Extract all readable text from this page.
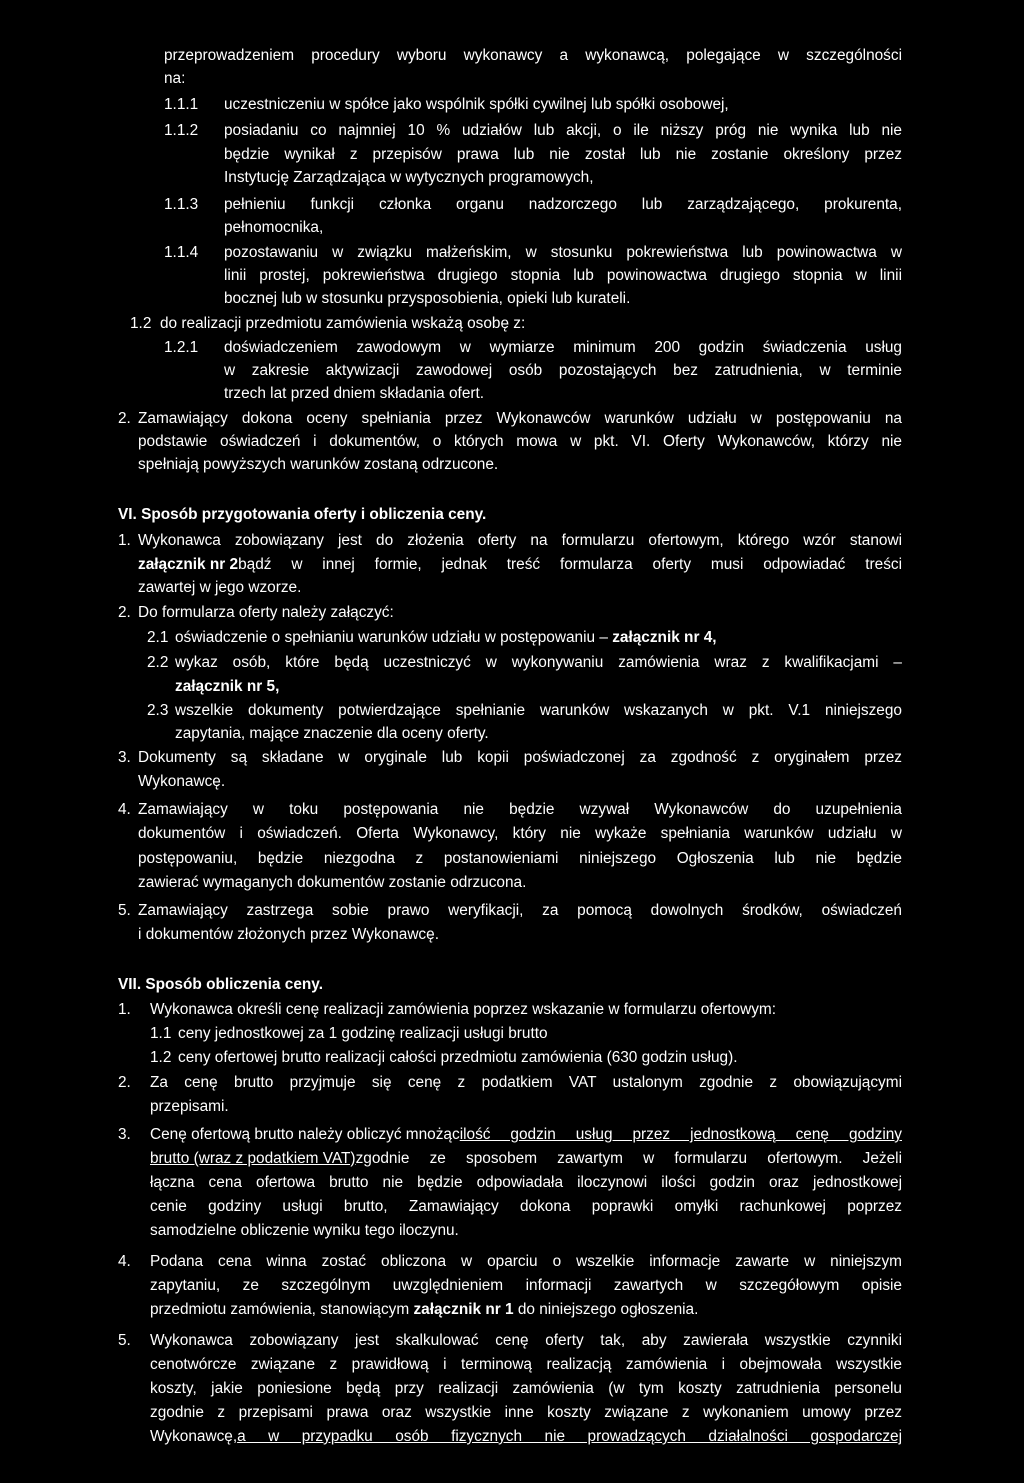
przeprowadzeniem procedury wyboru wykonawcy a wykonawcą, polegające w szczególności
na:
1.1.1 uczestniczeniu w spółce jako wspólnik spółki cywilnej lub spółki osobowej,
1.1.2 posiadaniu co najmniej 10 % udziałów lub akcji, o ile niższy próg nie wynika lub nie
będzie wynikał z przepisów prawa lub nie został lub nie zostanie określony przez
Instytucję Zarządzająca w wytycznych programowych,
1.1.3 pełnieniu funkcji członka organu nadzorczego lub zarządzającego, prokurenta,
pełnomocnika,
1.1.4 pozostawaniu w związku małżeńskim, w stosunku pokrewieństwa lub powinowactwa w
linii prostej, pokrewieństwa drugiego stopnia lub powinowactwa drugiego stopnia w linii
bocznej lub w stosunku przysposobienia, opieki lub kurateli.
1.2 do realizacji przedmiotu zamówienia wskażą osobę z:
1.2.1 doświadczeniem zawodowym w wymiarze minimum 200 godzin świadczenia usług
w zakresie aktywizacji zawodowej osób pozostających bez zatrudnienia, w terminie
trzech lat przed dniem składania ofert.
2. Zamawiający dokona oceny spełniania przez Wykonawców warunków udziału w postępowaniu na
podstawie oświadczeń i dokumentów, o których mowa w pkt. VI. Oferty Wykonawców, którzy nie
spełniają powyższych warunków zostaną odrzucone.
VI. Sposób przygotowania oferty i obliczenia ceny.
1. Wykonawca zobowiązany jest do złożenia oferty na formularzu ofertowym, którego wzór stanowi
załącznik nr 2 bądź w innej formie, jednak treść formularza oferty musi odpowiadać treści
zawartej w jego wzorze.
2. Do formularza oferty należy załączyć:
2.1 oświadczenie o spełnianiu warunków udziału w postępowaniu – załącznik nr 4,
2.2 wykaz osób, które będą uczestniczyć w wykonywaniu zamówienia wraz z kwalifikacjami –
załącznik nr 5,
2.3 wszelkie dokumenty potwierdzające spełnianie warunków wskazanych w pkt. V.1 niniejszego
zapytania, mające znaczenie dla oceny oferty.
3. Dokumenty są składane w oryginale lub kopii poświadczonej za zgodność z oryginałem przez
Wykonawcę.
4. Zamawiający w toku postępowania nie będzie wzywał Wykonawców do uzupełnienia
dokumentów i oświadczeń. Oferta Wykonawcy, który nie wykaże spełniania warunków udziału w
postępowaniu, będzie niezgodna z postanowieniami niniejszego Ogłoszenia lub nie będzie
zawierać wymaganych dokumentów zostanie odrzucona.
5. Zamawiający zastrzega sobie prawo weryfikacji, za pomocą dowolnych środków, oświadczeń
i dokumentów złożonych przez Wykonawcę.
VII. Sposób obliczenia ceny.
1. Wykonawca określi cenę realizacji zamówienia poprzez wskazanie w formularzu ofertowym:
1.1 ceny jednostkowej za 1 godzinę realizacji usługi brutto
1.2 ceny ofertowej brutto realizacji całości przedmiotu zamówienia (630 godzin usług).
2. Za cenę brutto przyjmuje się cenę z podatkiem VAT ustalonym zgodnie z obowiązującymi
przepisami.
3. Cenę ofertową brutto należy obliczyć mnożąc ilość godzin usług przez jednostkową cenę godziny
brutto (wraz z podatkiem VAT) zgodnie ze sposobem zawartym w formularzu ofertowym. Jeżeli
łączna cena ofertowa brutto nie będzie odpowiadała iloczynowi ilości godzin oraz jednostkowej
cenie godziny usługi brutto, Zamawiający dokona poprawki omyłki rachunkowej poprzez
samodzielne obliczenie wyniku tego iloczynu.
4. Podana cena winna zostać obliczona w oparciu o wszelkie informacje zawarte w niniejszym
zapytaniu, ze szczególnym uwzględnieniem informacji zawartych w szczegółowym opisie
przedmiotu zamówienia, stanowiącym załącznik nr 1 do niniejszego ogłoszenia.
5. Wykonawca zobowiązany jest skalkulować cenę oferty tak, aby zawierała wszystkie czynniki
cenotwórcze związane z prawidłową i terminową realizacją zamówienia i obejmowała wszystkie
koszty, jakie poniesione będą przy realizacji zamówienia (w tym koszty zatrudnienia personelu
zgodnie z przepisami prawa oraz wszystkie inne koszty związane z wykonaniem umowy przez
Wykonawcę, a w przypadku osób fizycznych nie prowadzących działalności gospodarczej
